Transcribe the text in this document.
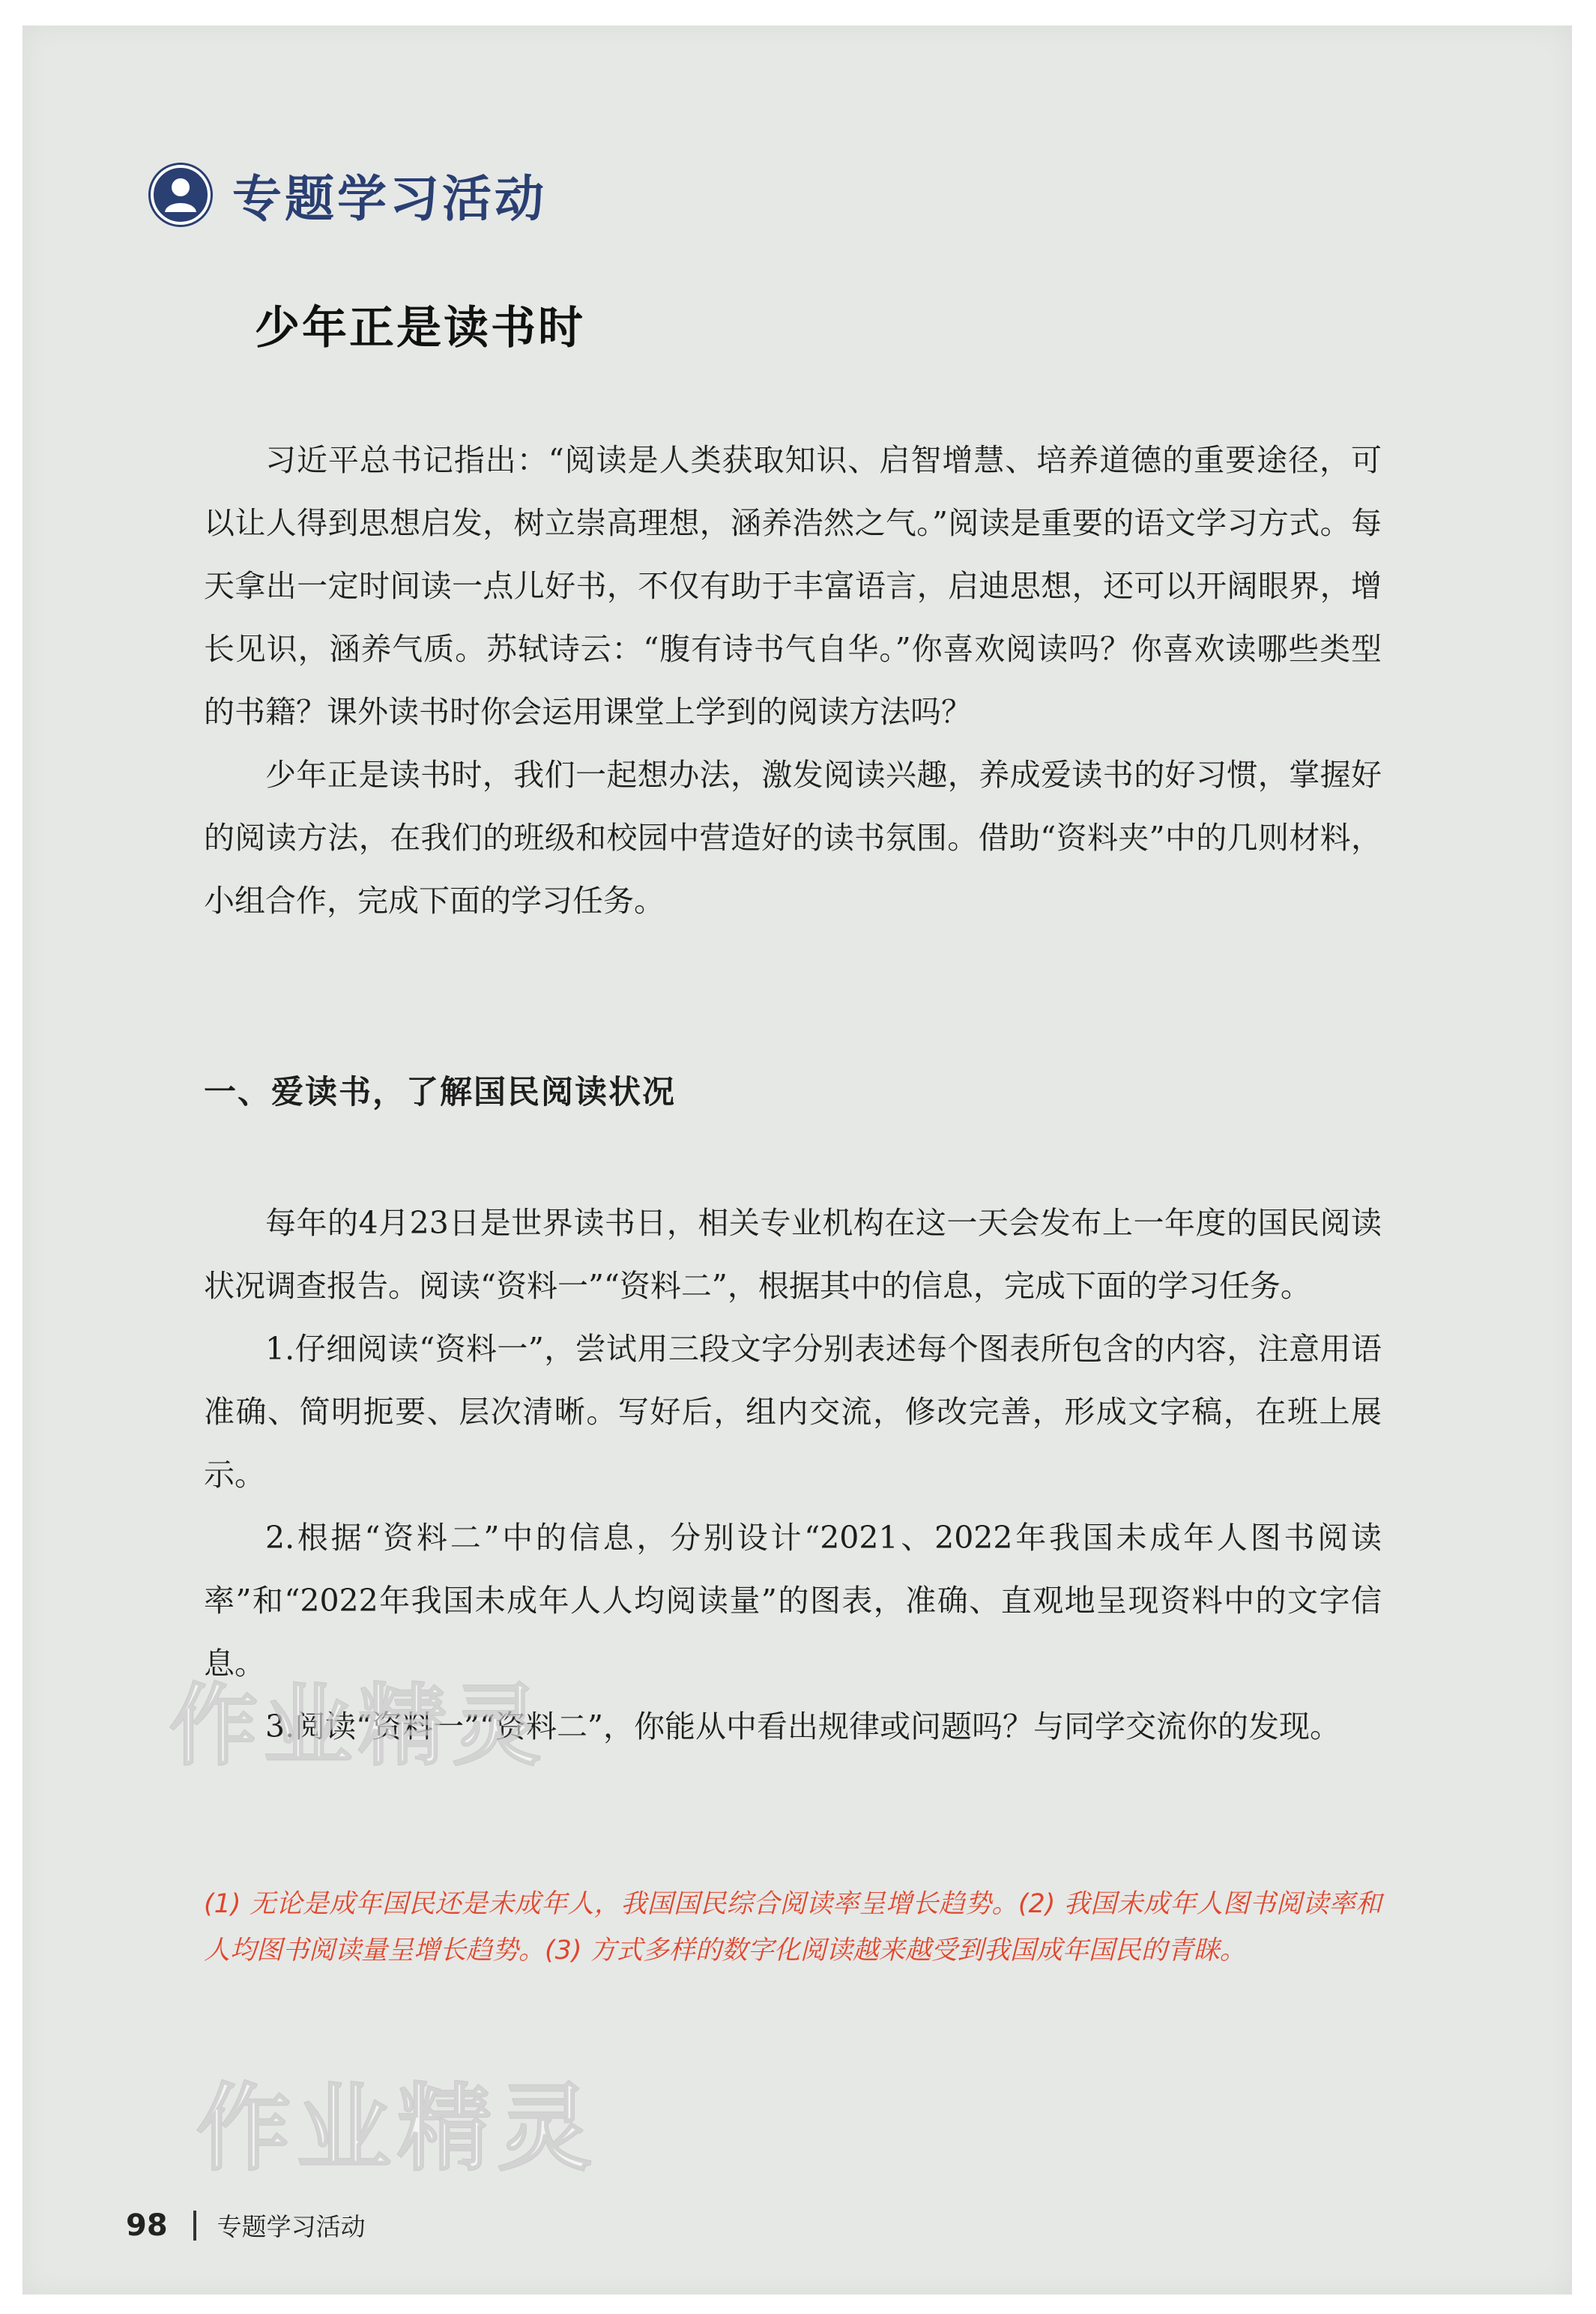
专题学习活动
少年正是读书时

习近平总书记指出：“阅读是人类获取知识、启智增慧、培养道德的重要途径，可以让人得到思想启发，树立崇高理想，涵养浩然之气。”阅读是重要的语文学习方式。每天拿出一定时间读一点儿好书，不仅有助于丰富语言，启迪思想，还可以开阔眼界，增长见识，涵养气质。苏轼诗云：“腹有诗书气自华。”你喜欢阅读吗？你喜欢读哪些类型的书籍？课外读书时你会运用课堂上学到的阅读方法吗？

少年正是读书时，我们一起想办法，激发阅读兴趣，养成爱读书的好习惯，掌握好的阅读方法，在我们的班级和校园中营造好的读书氛围。借助“资料夹”中的几则材料，小组合作，完成下面的学习任务。

一、爱读书，了解国民阅读状况

每年的4月23日是世界读书日，相关专业机构在这一天会发布上一年度的国民阅读状况调查报告。阅读“资料一”“资料二”，根据其中的信息，完成下面的学习任务。

1.仔细阅读“资料一”，尝试用三段文字分别表述每个图表所包含的内容，注意用语准确、简明扼要、层次清晰。写好后，组内交流，修改完善，形成文字稿，在班上展示。

2.根据“资料二”中的信息，分别设计“2021、2022年我国未成年人图书阅读率”和“2022年我国未成年人人均阅读量”的图表，准确、直观地呈现资料中的文字信息。

3.阅读“资料一”“资料二”，你能从中看出规律或问题吗？与同学交流你的发现。

(1) 无论是成年国民还是未成年人，我国国民综合阅读率呈增长趋势。(2) 我国未成年人图书阅读率和人均图书阅读量呈增长趋势。(3) 方式多样的数字化阅读越来越受到我国成年国民的青睐。
作业精灵
作业精灵
98 专题学习活动
